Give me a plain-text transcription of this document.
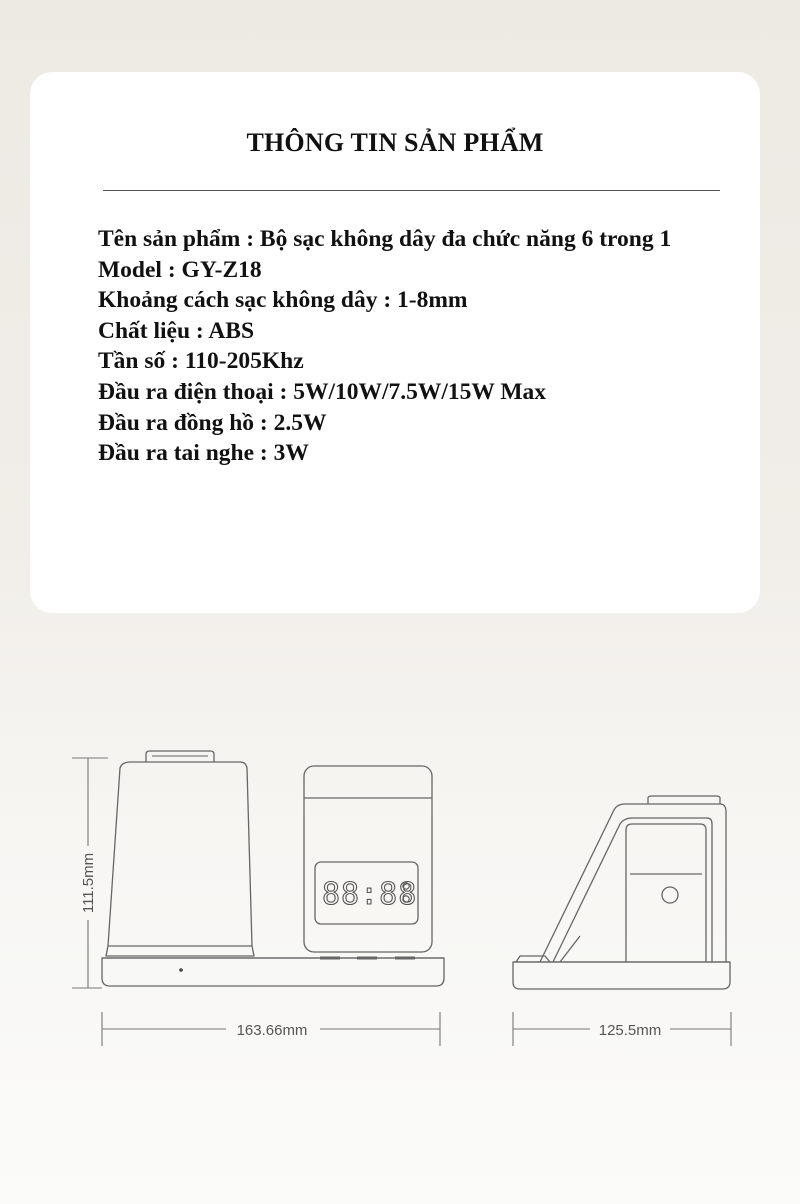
THÔNG TIN SẢN PHẨM
Tên sản phẩm : Bộ sạc không dây đa chức năng 6 trong 1
Model : GY-Z18
Khoảng cách sạc không dây : 1-8mm
Chất liệu : ABS
Tần số : 110-205Khz
Đầu ra điện thoại : 5W/10W/7.5W/15W Max
Đầu ra đồng hồ : 2.5W
Đầu ra tai nghe : 3W
88:88
111.5mm
163.66mm	125.5mm
